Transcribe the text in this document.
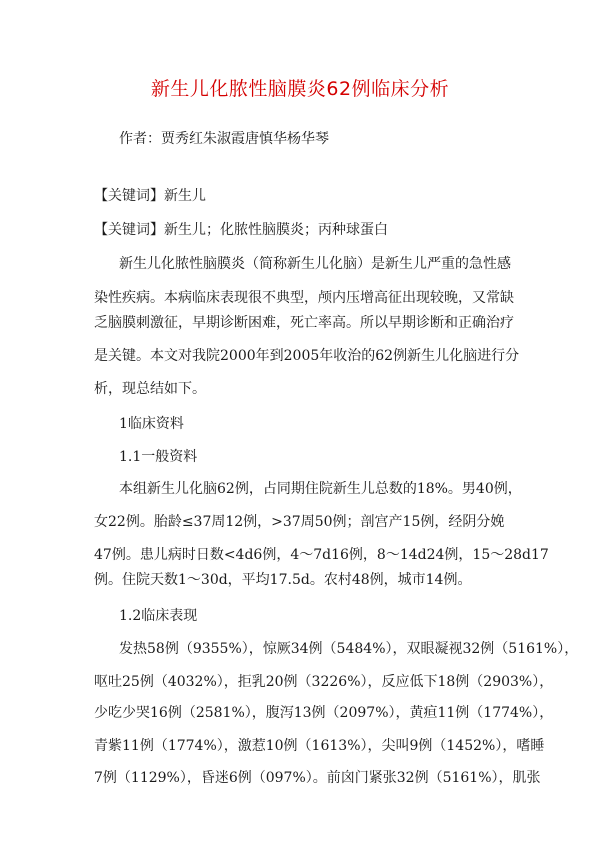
新生儿化脓性脑膜炎62例临床分析
作者：贾秀红朱淑霞唐慎华杨华琴
【关键词】新生儿
【关键词】新生儿；化脓性脑膜炎；丙种球蛋白
新生儿化脓性脑膜炎（简称新生儿化脑）是新生儿严重的急性感
染性疾病。本病临床表现很不典型，颅内压增高征出现较晚，又常缺
乏脑膜刺激征，早期诊断困难，死亡率高。所以早期诊断和正确治疗
是关键。本文对我院2000年到2005年收治的62例新生儿化脑进行分
析，现总结如下。
1临床资料
1.1一般资料
本组新生儿化脑62例，占同期住院新生儿总数的18%。男40例，
女22例。胎龄≤37周12例，>37周50例；剖宫产15例，经阴分娩
47例。患儿病时日数<4d6例，4～7d16例，8～14d24例，15～28d17
例。住院天数1～30d，平均17.5d。农村48例，城市14例。
1.2临床表现
发热58例（9355%），惊厥34例（5484%），双眼凝视32例（5161%），
呕吐25例（4032%），拒乳20例（3226%），反应低下18例（2903%），
少吃少哭16例（2581%），腹泻13例（2097%），黄疸11例（1774%），
青紫11例（1774%），激惹10例（1613%），尖叫9例（1452%），嗜睡
7例（1129%），昏迷6例（097%）。前囟门紧张32例（5161%），肌张
